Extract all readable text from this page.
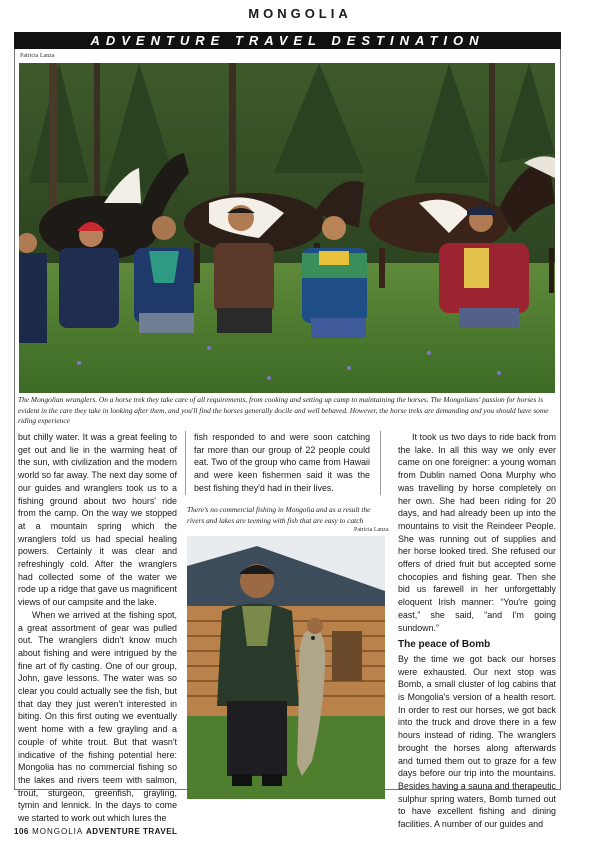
MONGOLIA
ADVENTURE TRAVEL DESTINATION
Patricia Lanza
The Mongolian wranglers. On a horse trek they take care of all requirements, from cooking and setting up camp to maintaining the horses. The Mongolians' passion for horses is evident in the care they take in looking after them, and you'll find the horses generally docile and well behaved. However, the horse treks are demanding and you should have some riding experience

but chilly water. It was a great feeling to get out and lie in the warming heat of the sun, with civilization and the modern world so far away. The next day some of our guides and wranglers took us to a fishing ground about two hours' ride from the camp. On the way we stopped at a mountain spring which the wranglers told us had special healing powers. Certainly it was clear and refreshingly cold. After the wranglers had collected some of the water we rode up a ridge that gave us magnificent views of our campsite and the lake.

When we arrived at the fishing spot, a great assortment of gear was pulled out. The wranglers didn't know much about fishing and were intrigued by the fine art of fly casting. One of our group, John, gave lessons. The water was so clear you could actually see the fish, but that day they just weren't interested in biting. On this first outing we eventually went home with a few grayling and a couple of white trout. But that wasn't indicative of the fishing potential here: Mongolia has no commercial fishing so the lakes and rivers teem with salmon, trout, sturgeon, greenfish, grayling, tymin and lennick. In the days to come we started to work out which lures the

fish responded to and were soon catching far more than our group of 22 people could eat. Two of the group who came from Hawaii and were keen fishermen said it was the best fishing they'd had in their lives.

There's no commercial fishing in Mongolia and as a result the rivers and lakes are teeming with fish that are easy to catch
Patricia Lanza

It took us two days to ride back from the lake. In all this way we only ever came on one foreigner: a young woman from Dublin named Oona Murphy who was travelling by horse completely on her own. She had been riding for 20 days, and had already been up into the mountains to visit the Reindeer People. She was running out of supplies and her horse looked tired. She refused our offers of dried fruit but accepted some chocopies and fishing gear. Then she bid us farewell in her unforgettably eloquent Irish manner: “You're going east,” she said, “and I'm going sundown.”

The peace of Bomb

By the time we got back our horses were exhausted. Our next stop was Bomb, a small cluster of log cabins that is Mongolia's version of a health resort. In order to rest our horses, we got back into the truck and drove there in a few hours instead of riding. The wranglers brought the horses along afterwards and turned them out to graze for a few days before our trip into the mountains. Besides having a sauna and therapeutic sulphur spring waters, Bomb turned out to have excellent fishing and dining facilities. A number of our guides and

106 MONGOLIA ADVENTURE TRAVEL
